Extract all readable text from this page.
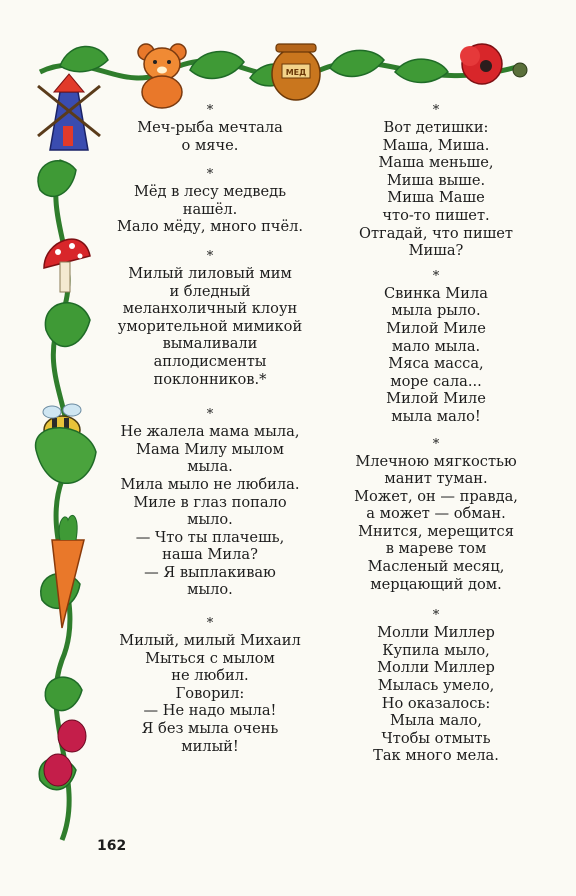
МЕД
*
Меч-рыба мечтала
о мяче.
*
Мёд в лесу медведь
нашёл.
Мало мёду, много пчёл.
*
Милый лиловый мим
и бледный
меланхоличный клоун
уморительной мимикой
вымаливали
аплодисменты
поклонников.*
*
Не жалела мама мыла,
Мама Милу мылом
мыла.
Мила мыло не любила.
Миле в глаз попало
мыло.
— Что ты плачешь,
наша Мила?
— Я выплакиваю
мыло.
*
Милый, милый Михаил
Мыться с мылом
не любил.
Говорил:
— Не надо мыла!
Я без мыла очень
милый!
*
Вот детишки:
Маша, Миша.
Маша меньше,
Миша выше.
Миша Маше
что-то пишет.
Отгадай, что пишет
Миша?
*
Свинка Мила
мыла рыло.
Милой Миле
мало мыла.
Мяса масса,
море сала...
Милой Миле
мыла мало!
*
Млечною мягкостью
манит туман.
Может, он — правда,
а может — обман.
Мнится, мерещится
в мареве том
Масленый месяц,
мерцающий дом.
*
Молли Миллер
Купила мыло,
Молли Миллер
Мылась умело,
Но оказалось:
Мыла мало,
Чтобы отмыть
Так много мела.
162
